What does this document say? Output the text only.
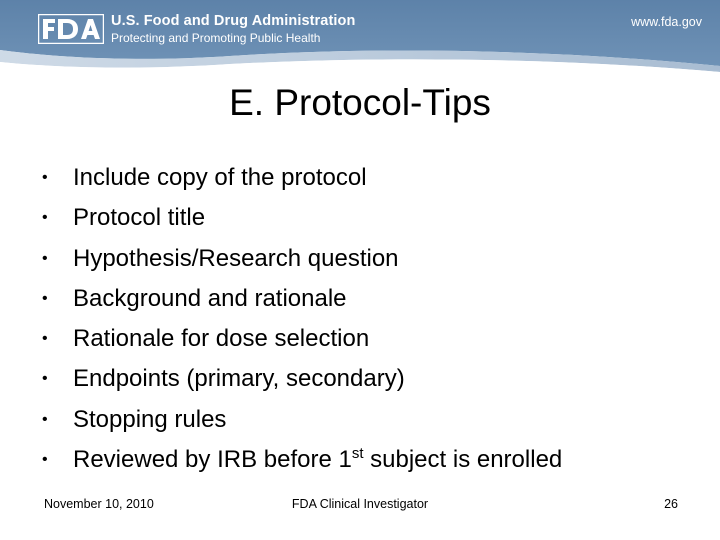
U.S. Food and Drug Administration
Protecting and Promoting Public Health
www.fda.gov
E. Protocol-Tips
• Include copy of the protocol
• Protocol title
• Hypothesis/Research question
• Background and rationale
• Rationale for dose selection
• Endpoints (primary, secondary)
• Stopping rules
• Reviewed by IRB before 1st subject is enrolled
November 10, 2010	FDA Clinical Investigator	26
